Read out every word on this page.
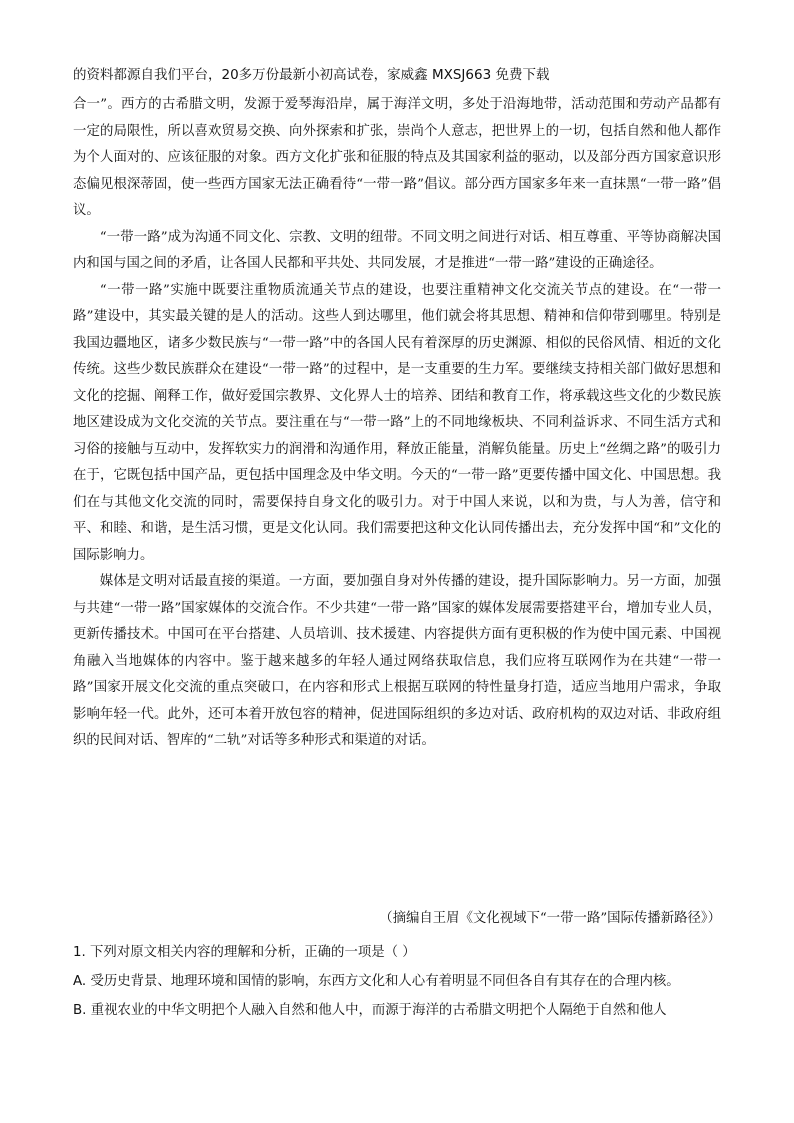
的资料都源自我们平台，20多万份最新小初高试卷，家威鑫 MXSJ663 免费下载

合一”。西方的古希腊文明，发源于爱琴海沿岸，属于海洋文明，多处于沿海地带，活动范围和劳动产品都有一定的局限性，所以喜欢贸易交换、向外探索和扩张，崇尚个人意志，把世界上的一切，包括自然和他人都作为个人面对的、应该征服的对象。西方文化扩张和征服的特点及其国家利益的驱动，以及部分西方国家意识形态偏见根深蒂固，使一些西方国家无法正确看待“一带一路”倡议。部分西方国家多年来一直抹黑“一带一路”倡议。

“一带一路”成为沟通不同文化、宗教、文明的纽带。不同文明之间进行对话、相互尊重、平等协商解决国内和国与国之间的矛盾，让各国人民都和平共处、共同发展，才是推进“一带一路”建设的正确途径。

“一带一路”实施中既要注重物质流通关节点的建设，也要注重精神文化交流关节点的建设。在“一带一路”建设中，其实最关键的是人的活动。这些人到达哪里，他们就会将其思想、精神和信仰带到哪里。特别是我国边疆地区，诸多少数民族与“一带一路”中的各国人民有着深厚的历史渊源、相似的民俗风情、相近的文化传统。这些少数民族群众在建设“一带一路”的过程中，是一支重要的生力军。要继续支持相关部门做好思想和文化的挖掘、阐释工作，做好爱国宗教界、文化界人士的培养、团结和教育工作，将承载这些文化的少数民族地区建设成为文化交流的关节点。要注重在与“一带一路”上的不同地缘板块、不同利益诉求、不同生活方式和习俗的接触与互动中，发挥软实力的润滑和沟通作用，释放正能量，消解负能量。历史上“丝绸之路”的吸引力在于，它既包括中国产品，更包括中国理念及中华文明。今天的“一带一路”更要传播中国文化、中国思想。我们在与其他文化交流的同时，需要保持自身文化的吸引力。对于中国人来说，以和为贵，与人为善，信守和平、和睦、和谐，是生活习惯，更是文化认同。我们需要把这种文化认同传播出去，充分发挥中国“和”文化的国际影响力。

媒体是文明对话最直接的渠道。一方面，要加强自身对外传播的建设，提升国际影响力。另一方面，加强与共建“一带一路”国家媒体的交流合作。不少共建“一带一路”国家的媒体发展需要搭建平台，增加专业人员，更新传播技术。中国可在平台搭建、人员培训、技术援建、内容提供方面有更积极的作为使中国元素、中国视角融入当地媒体的内容中。鉴于越来越多的年轻人通过网络获取信息，我们应将互联网作为在共建“一带一路”国家开展文化交流的重点突破口，在内容和形式上根据互联网的特性量身打造，适应当地用户需求，争取影响年轻一代。此外，还可本着开放包容的精神，促进国际组织的多边对话、政府机构的双边对话、非政府组织的民间对话、智库的“二轨”对话等多种形式和渠道的对话。

（摘编自王眉《文化视域下“一带一路”国际传播新路径》）
1. 下列对原文相关内容的理解和分析，正确的一项是（ ）
A. 受历史背景、地理环境和国情的影响，东西方文化和人心有着明显不同但各自有其存在的合理内核。
B. 重视农业的中华文明把个人融入自然和他人中，而源于海洋的古希腊文明把个人隔绝于自然和他人
